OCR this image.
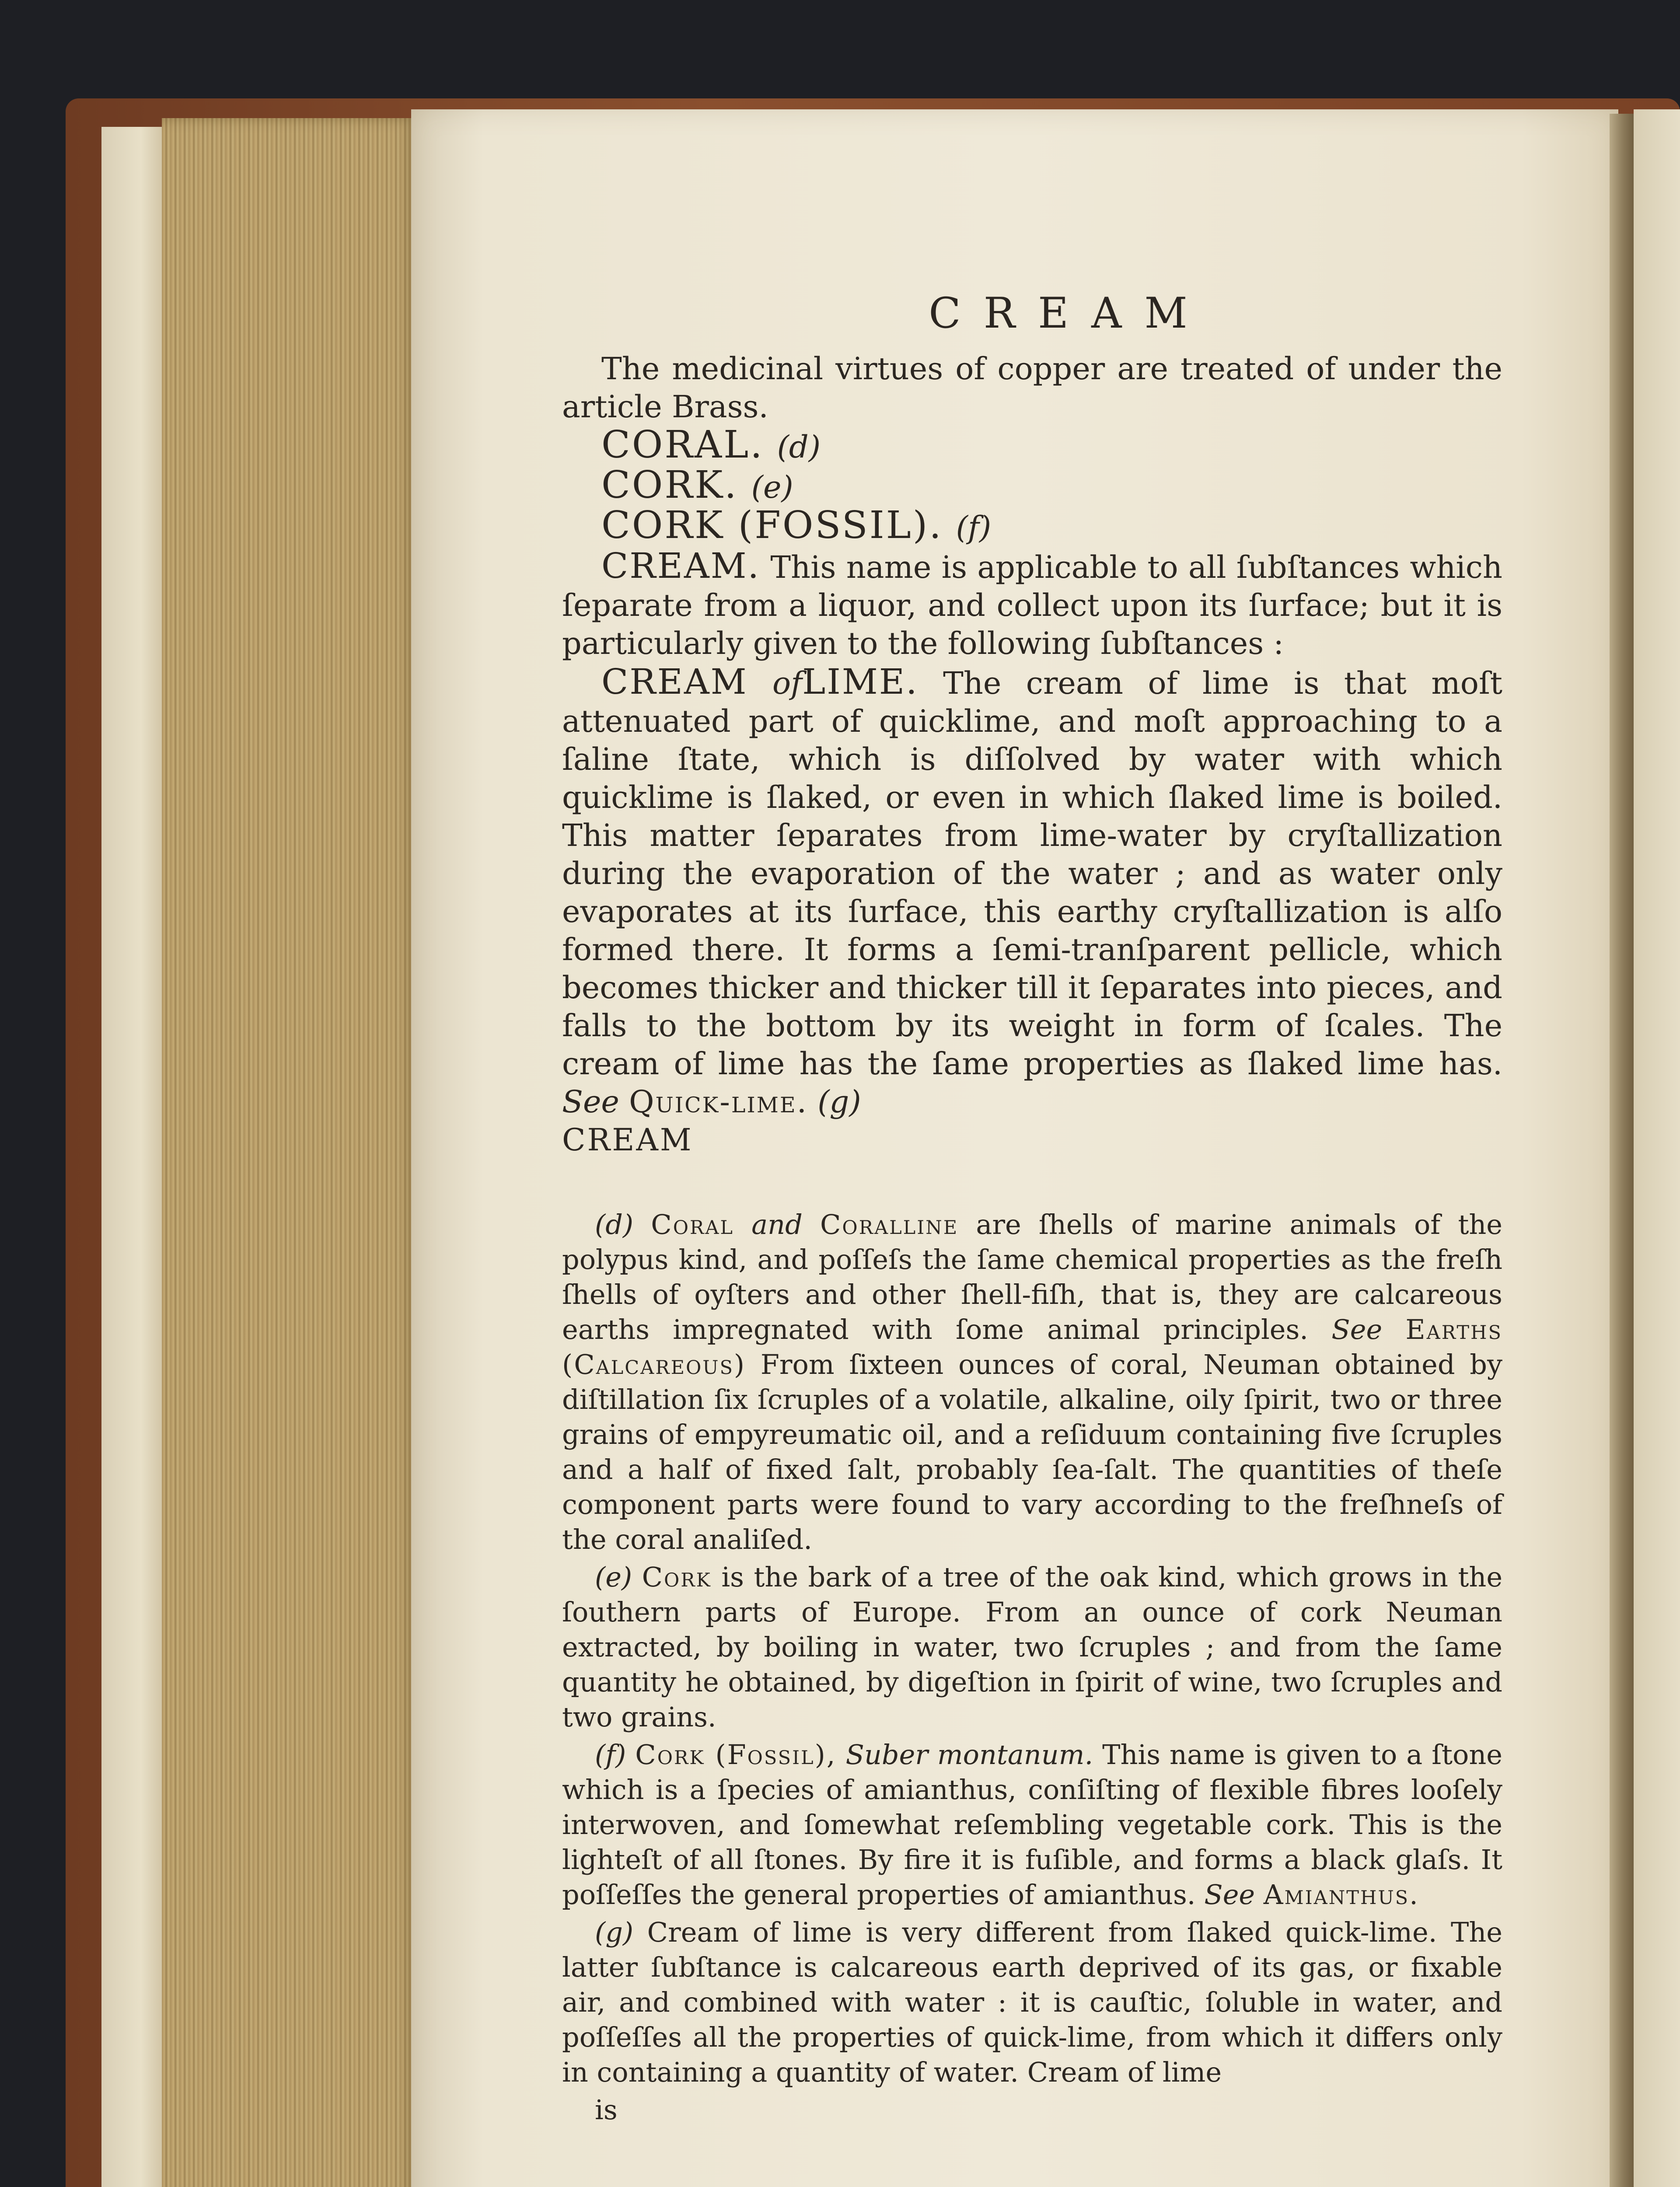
CREAM

The medicinal virtues of copper are treated of under the article Brass.

CORAL. (d)
CORK. (e)
CORK (FOSSIL). (f)

CREAM. This name is applicable to all ſubſtances which ſeparate from a liquor, and collect upon its ſurface; but it is particularly given to the following ſubſtances :

CREAM ofLIME. The cream of lime is that moſt attenuated part of quicklime, and moſt approaching to a ſaline ſtate, which is diſſolved by water with which quicklime is ſlaked, or even in which ſlaked lime is boiled. This matter ſeparates from lime-water by cryſtallization during the evaporation of the water ; and as water only evaporates at its ſurface, this earthy cryſtallization is alſo formed there. It forms a ſemi-tranſparent pellicle, which becomes thicker and thicker till it ſeparates into pieces, and falls to the bottom by its weight in form of ſcales. The cream of lime has the ſame properties as ſlaked lime has. See Quick-lime. (g)

CREAM

(d) Coral and Coralline are ſhells of marine animals of the polypus kind, and poſſeſs the ſame chemical properties as the freſh ſhells of oyſters and other ſhell-fiſh, that is, they are calcareous earths impregnated with ſome animal principles. See Earths (Calcareous) From ſixteen ounces of coral, Neuman obtained by diſtillation ſix ſcruples of a volatile, alkaline, oily ſpirit, two or three grains of empyreumatic oil, and a reſiduum containing five ſcruples and a half of fixed ſalt, probably ſea-ſalt. The quantities of theſe component parts were found to vary according to the freſhneſs of the coral analiſed.

(e) Cork is the bark of a tree of the oak kind, which grows in the ſouthern parts of Europe. From an ounce of cork Neuman extracted, by boiling in water, two ſcruples ; and from the ſame quantity he obtained, by digeſtion in ſpirit of wine, two ſcruples and two grains.

(f) Cork (Fossil), Suber montanum. This name is given to a ſtone which is a ſpecies of amianthus, conſiſting of flexible fibres looſely interwoven, and ſomewhat reſembling vegetable cork. This is the lighteſt of all ſtones. By fire it is fuſible, and forms a black glaſs. It poſſeſſes the general properties of amianthus. See Amianthus.

(g) Cream of lime is very different from ſlaked quick-lime. The latter ſubſtance is calcareous earth deprived of its gas, or fixable air, and combined with water : it is cauſtic, ſoluble in water, and poſſeſſes all the properties of quick-lime, from which it differs only in containing a quantity of water. Cream of lime

is
